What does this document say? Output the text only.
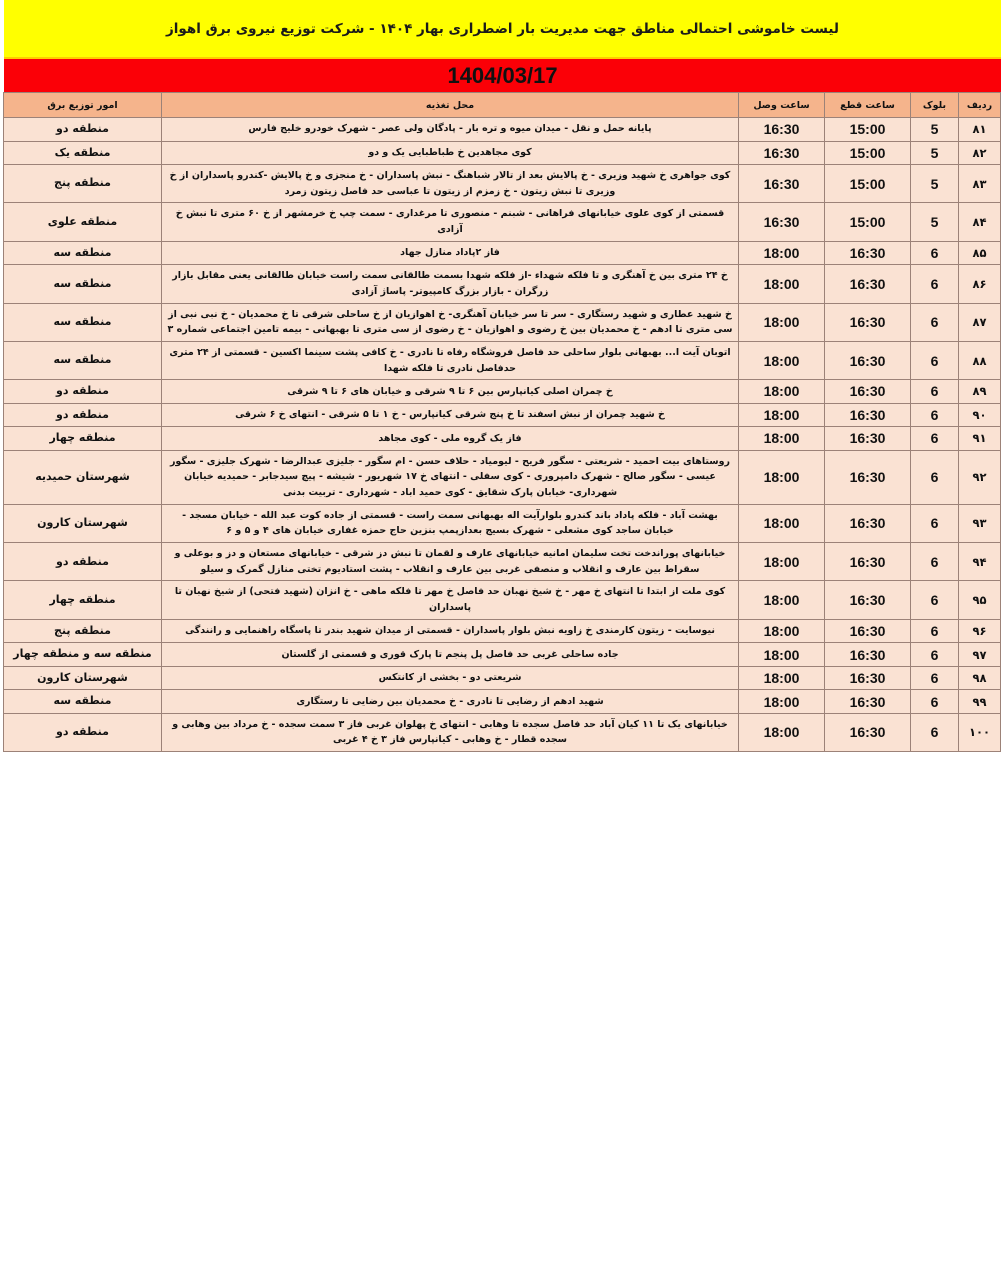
لیست خاموشی احتمالی مناطق جهت مدیریت بار اضطراری بهار ۱۴۰۴ - شرکت توزیع نیروی برق اهواز
1404/03/17
ردیف	بلوک	ساعت قطع	ساعت وصل	محل تغذیه	امور توزیع برق
۸۱	5	15:00	16:30	پایانه حمل و نقل - میدان میوه و تره بار - پادگان ولی عصر - شهرک خودرو خلیج فارس	منطقه دو
۸۲	5	15:00	16:30	کوی مجاهدین خ طباطبایی یک و دو	منطقه یک
۸۳	5	15:00	16:30	کوی جواهری خ شهید وزیری - خ پالایش بعد از تالار شباهنگ - نبش پاسداران - خ منجزی و خ پالایش -کندرو پاسداران از خ وزیری تا نبش زیتون - خ زمزم از زیتون تا عباسی حد فاصل زیتون زمرد	منطقه پنج
۸۴	5	15:00	16:30	قسمتی از کوی علوی خیابانهای فراهانی - شبنم - منصوری تا مرغداری - سمت چپ خ خرمشهر از خ ۶۰ متری تا نبش خ آزادی	منطقه علوی
۸۵	6	16:30	18:00	فاز ۲پاداد منازل جهاد	منطقه سه
۸۶	6	16:30	18:00	خ ۲۴ متری بین خ آهنگری و تا فلکه شهداء -از فلکه شهدا بسمت طالقانی سمت راست خیابان طالقانی یعنی مقابل بازار زرگران - بازار بزرگ کامپیوتر- پاساژ آزادی	منطقه سه
۸۷	6	16:30	18:00	خ شهید عطاری و شهید رستگاری - سر تا سر خیابان آهنگری- خ اهوازیان از خ ساحلی شرقی تا خ محمدیان - خ نبی نبی از سی متری تا ادهم - خ محمدیان بین خ رضوی و اهوازیان - خ رضوی از سی متری تا بهبهانی - بیمه تامین اجتماعی شماره ۳	منطقه سه
۸۸	6	16:30	18:00	اتوبان آیت ا... بهبهانی بلوار ساحلی حد فاصل فروشگاه رفاه تا نادری - خ کافی پشت سینما اکسین - قسمتی از ۲۴ متری حدفاصل نادری تا فلکه شهدا	منطقه سه
۸۹	6	16:30	18:00	خ چمران اصلی کیانپارس بین ۶ تا ۹ شرقی و خیابان های ۶ تا ۹ شرقی	منطقه دو
۹۰	6	16:30	18:00	خ شهید چمران از نبش اسفند تا خ پنج شرقی کیانپارس - خ ۱ تا ۵ شرقی - انتهای خ ۶ شرقی	منطقه دو
۹۱	6	16:30	18:00	فاز یک گروه ملی - کوی مجاهد	منطقه چهار
۹۲	6	16:30	18:00	روستاهای بیت احمید - شریعتی - سگور فریح - لیومیاد - حلاف حسن - ام سگور - جلیزی عبدالرضا - شهرک جلیزی - سگور عیسی - سگور صالح - شهرک دامپروری - کوی سفلی - انتهای خ ۱۷ شهریور - شیشه - پیچ سیدجابر - حمیدیه خیابان شهرداری- خیابان پارک شقایق - کوی حمید اباد - شهرداری - تربیت بدنی	شهرستان حمیدیه
۹۳	6	16:30	18:00	بهشت آباد - فلکه پاداد باند کندرو بلوارآیت اله بهبهانی سمت راست - قسمتی از جاده کوت عبد الله - خیابان مسجد - خیابان ساجد کوی مشعلی - شهرک بسیج بعدازپمپ بنزین حاج حمزه غفاری خیابان های ۴ و ۵ و ۶	شهرستان کارون
۹۴	6	16:30	18:00	خیابانهای پوراندخت تخت سلیمان امانیه خیابانهای عارف و لقمان تا نبش دز شرقی - خیابانهای مستعان و دز و بوعلی و سقراط بین عارف و انقلاب و منصفی غربی بین عارف و انقلاب - پشت استادیوم تختی منازل گمرک و سیلو	منطقه دو
۹۵	6	16:30	18:00	کوی ملت از ابتدا تا انتهای خ مهر - خ شیخ نهبان حد فاصل خ مهر تا فلکه ماهی - خ انزان (شهید فتحی) از شیخ نهبان تا پاسداران	منطقه چهار
۹۶	6	16:30	18:00	نیوسایت - زیتون کارمندی خ زاویه نبش بلوار پاسداران - قسمتی از میدان شهید بندر تا پاسگاه راهنمایی و رانندگی	منطقه پنج
۹۷	6	16:30	18:00	جاده ساحلی غربی حد فاصل پل پنجم تا پارک قوری و قسمتی از گلستان	منطقه سه و منطقه چهار
۹۸	6	16:30	18:00	شریعتی دو - بخشی از کانتکس	شهرستان کارون
۹۹	6	16:30	18:00	شهید ادهم از رضایی تا نادری - خ محمدیان بین رضایی تا رستگاری	منطقه سه
۱۰۰	6	16:30	18:00	خیابانهای یک تا ۱۱ کیان آباد حد فاصل سجده تا وهابی - انتهای خ پهلوان غربی فاز ۳ سمت سجده - خ مرداد بین وهابی و سجده قطار - خ وهابی - کیانپارس فاز ۳ خ ۴ غربی	منطقه دو
